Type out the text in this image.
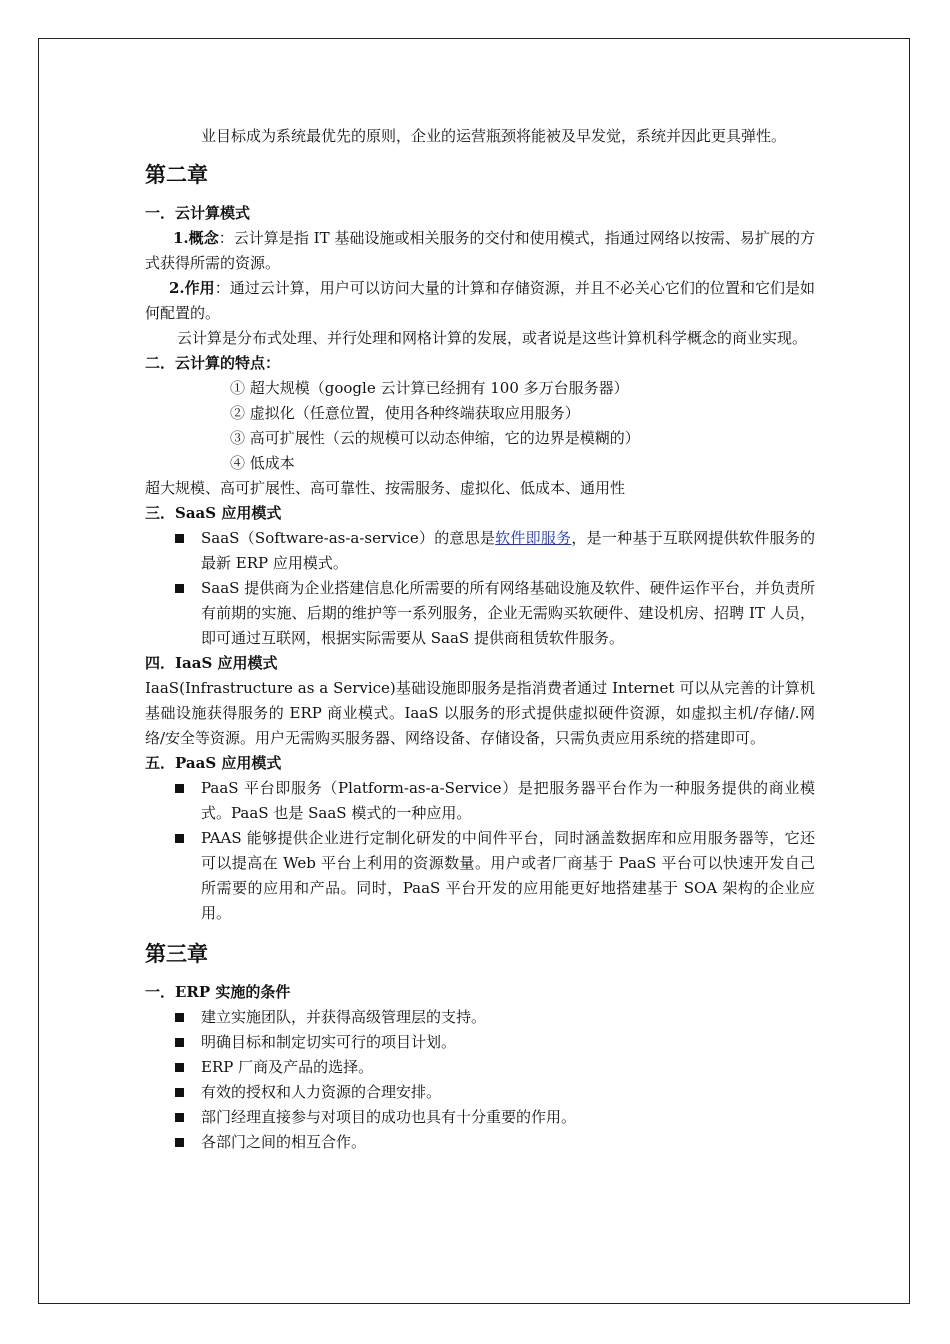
业目标成为系统最优先的原则，企业的运营瓶颈将能被及早发觉，系统并因此更具弹性。

第二章

一．云计算模式

1.概念：云计算是指 IT 基础设施或相关服务的交付和使用模式，指通过网络以按需、易扩展的方式获得所需的资源。

2.作用：通过云计算，用户可以访问大量的计算和存储资源，并且不必关心它们的位置和它们是如何配置的。

云计算是分布式处理、并行处理和网格计算的发展，或者说是这些计算机科学概念的商业实现。

二．云计算的特点：

① 超大规模（google 云计算已经拥有 100 多万台服务器）

② 虚拟化（任意位置，使用各种终端获取应用服务）

③ 高可扩展性（云的规模可以动态伸缩，它的边界是模糊的）

④ 低成本

超大规模、高可扩展性、高可靠性、按需服务、虚拟化、低成本、通用性

三．SaaS 应用模式

SaaS（Software-as-a-service）的意思是软件即服务，是一种基于互联网提供软件服务的最新 ERP 应用模式。
SaaS 提供商为企业搭建信息化所需要的所有网络基础设施及软件、硬件运作平台，并负责所有前期的实施、后期的维护等一系列服务，企业无需购买软硬件、建设机房、招聘 IT 人员，即可通过互联网，根据实际需要从 SaaS 提供商租赁软件服务。

四．IaaS 应用模式

IaaS(Infrastructure as a Service)基础设施即服务是指消费者通过 Internet 可以从完善的计算机基础设施获得服务的 ERP 商业模式。IaaS 以服务的形式提供虚拟硬件资源，如虚拟主机/存储/.网络/安全等资源。用户无需购买服务器、网络设备、存储设备，只需负责应用系统的搭建即可。

五．PaaS 应用模式

PaaS 平台即服务（Platform-as-a-Service）是把服务器平台作为一种服务提供的商业模式。PaaS 也是 SaaS 模式的一种应用。
PAAS 能够提供企业进行定制化研发的中间件平台，同时涵盖数据库和应用服务器等，它还可以提高在 Web 平台上利用的资源数量。用户或者厂商基于 PaaS 平台可以快速开发自己所需要的应用和产品。同时，PaaS 平台开发的应用能更好地搭建基于 SOA 架构的企业应用。
第三章

一．ERP 实施的条件

建立实施团队，并获得高级管理层的支持。
明确目标和制定切实可行的项目计划。
ERP 厂商及产品的选择。
有效的授权和人力资源的合理安排。
部门经理直接参与对项目的成功也具有十分重要的作用。
各部门之间的相互合作。
